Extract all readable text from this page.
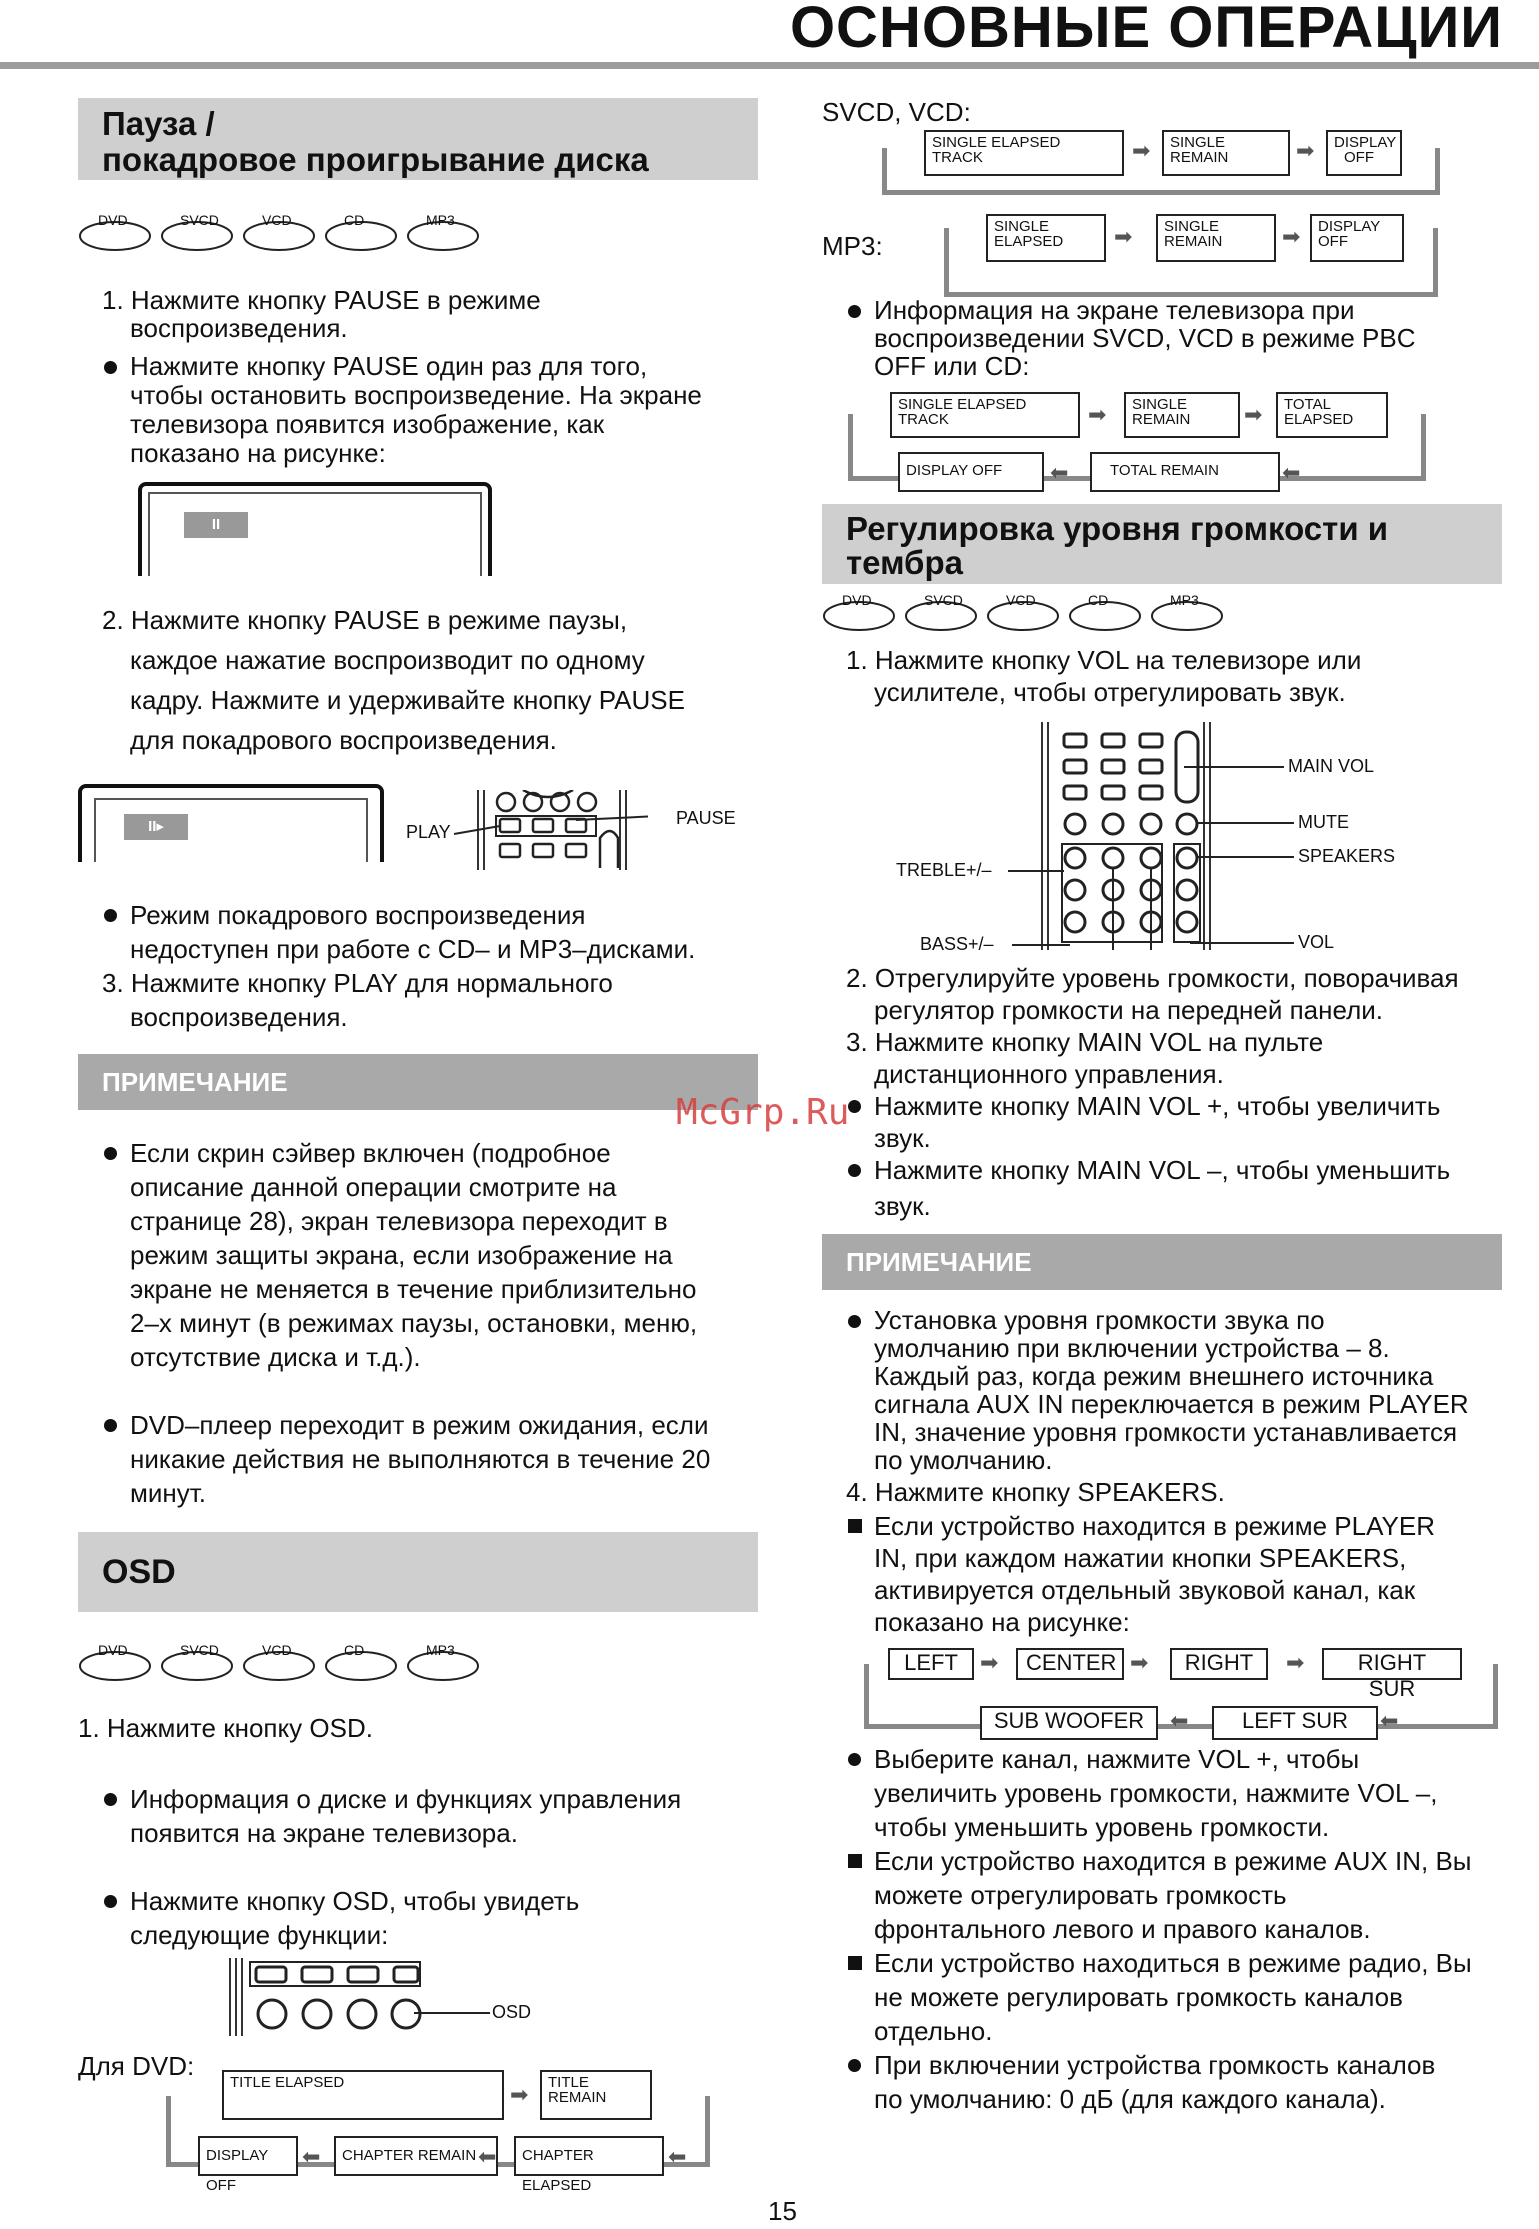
ОСНОВНЫЕ ОПЕРАЦИИ
Пауза /
покадровое проигрывание диска
DVD	SVCD	VCD	CD	MP3
1. Нажмите кнопку PAUSE в режиме
воспроизведения.
Нажмите кнопку PAUSE один раз для того,
чтобы остановить воспроизведение. На экране
телевизора появится изображение, как
показано на рисунке:
II
2. Нажмите кнопку PAUSE в режиме паузы,
каждое нажатие воспроизводит по одному
кадру. Нажмите и удерживайте кнопку PAUSE
для покадрового воспроизведения.
II▸	PLAY
PAUSE
Режим покадрового воспроизведения
недоступен при работе с CD– и MP3–дисками.
3. Нажмите кнопку PLAY для нормального
воспроизведения.
ПРИМЕЧАНИЕ
Если скрин сэйвер включен (подробное
описание данной операции смотрите на
странице 28), экран телевизора переходит в
режим защиты экрана, если изображение на
экране не меняется в течение приблизительно
2–х минут (в режимах паузы, остановки, меню,
отсутствие диска и т.д.).
DVD–плеер переходит в режим ожидания, если
никакие действия не выполняются в течение 20
минут.
OSD
DVD	SVCD	VCD	CD	MP3
1. Нажмите кнопку OSD.
Информация о диске и функциях управления
появится на экране телевизора.
Нажмите кнопку OSD, чтобы увидеть
следующие функции:
OSD
Для DVD:
TITLE ELAPSED	➡	TITLE REMAIN
DISPLAY OFF
⬅	CHAPTER REMAIN ⬅	CHAPTER ELAPSED
⬅
SVCD, VCD:
SINGLE ELAPSED
TRACK	➡	SINGLE REMAIN	➡ DISPLAY
OFF
MP3:
SINGLE
ELAPSED	➡ SINGLE
REMAIN	➡ DISPLAY
OFF
Информация на экране телевизора при
воспроизведении SVCD, VCD в режиме PBC
OFF или CD:
SINGLE ELAPSED
TRACK	➡ SINGLE
REMAIN	➡ TOTAL
ELAPSED
DISPLAY OFF	⬅	TOTAL REMAIN	⬅
Регулировка уровня громкости и
тембра
DVD	SVCD	VCD	CD	MP3
1. Нажмите кнопку VOL на телевизоре или
усилителе, чтобы отрегулировать звук.
MAIN VOL
MUTE
SPEAKERS
TREBLE+/–
BASS+/–	VOL
2. Отрегулируйте уровень громкости, поворачивая
регулятор громкости на передней панели.
3. Нажмите кнопку MAIN VOL на пульте
дистанционного управления.
Нажмите кнопку MAIN VOL +, чтобы увеличить
звук.
Нажмите кнопку MAIN VOL –, чтобы уменьшить
звук.
McGrp.Ru
ПРИМЕЧАНИЕ
Установка уровня громкости звука по
умолчанию при включении устройства – 8.
Каждый раз, когда режим внешнего источника
сигнала AUX IN переключается в режим PLAYER
IN, значение уровня громкости устанавливается
по умолчанию.
4. Нажмите кнопку SPEAKERS.
Если устройство находится в режиме PLAYER
IN, при каждом нажатии кнопки SPEAKERS,
активируется отдельный звуковой канал, как
показано на рисунке:
LEFT	➡	CENTER ➡	RIGHT	➡	RIGHT SUR
SUB WOOFER	⬅	LEFT SUR	⬅
Выберите канал, нажмите VOL +, чтобы
увеличить уровень громкости, нажмите VOL –,
чтобы уменьшить уровень громкости.
Если устройство находится в режиме AUX IN, Вы
можете отрегулировать громкость
фронтального левого и правого каналов.
Если устройство находиться в режиме радио, Вы
не можете регулировать громкость каналов
отдельно.
При включении устройства громкость каналов
по умолчанию: 0 дБ (для каждого канала).
15
